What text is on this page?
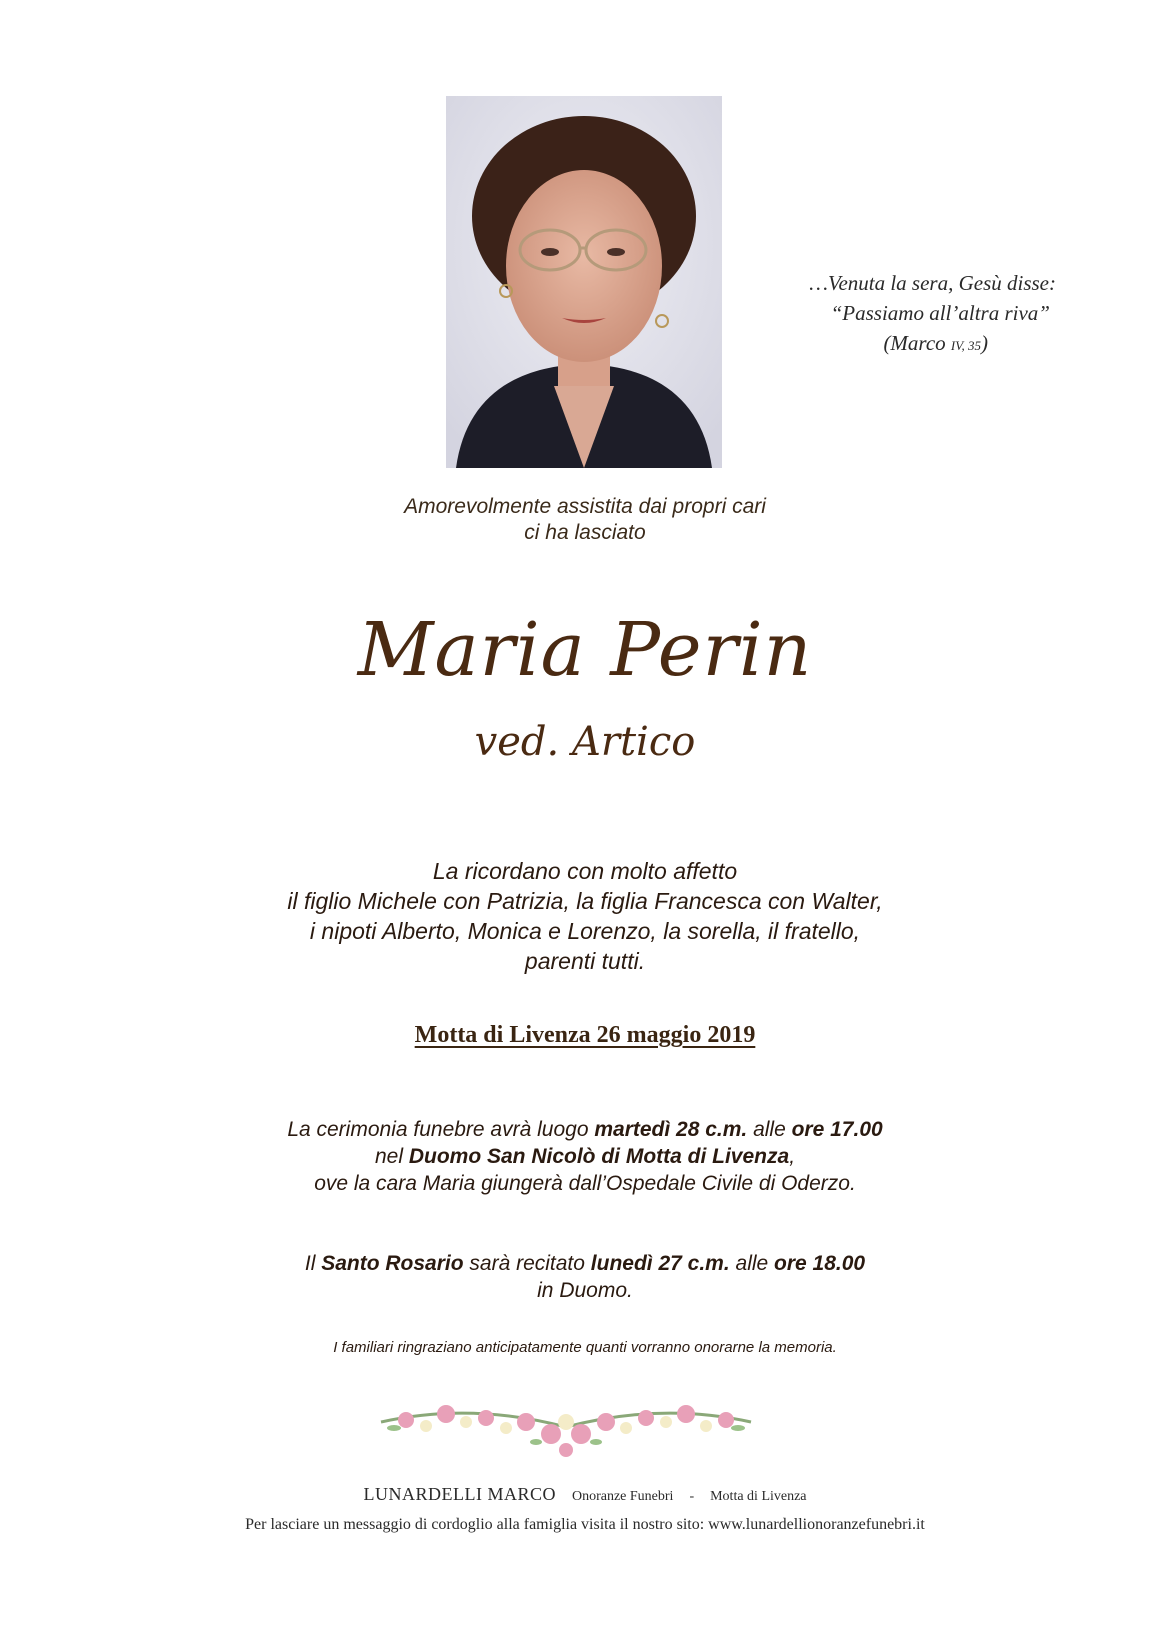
…Venuta la sera, Gesù disse:
“Passiamo all’altra riva”
(Marco IV, 35)
Amorevolmente assistita dai propri cari
ci ha lasciato
Maria Perin
ved. Artico
La ricordano con molto affetto
il figlio Michele con Patrizia, la figlia Francesca con Walter,
i nipoti Alberto, Monica e Lorenzo, la sorella, il fratello,
parenti tutti.
Motta di Livenza 26 maggio 2019
La cerimonia funebre avrà luogo martedì 28 c.m. alle ore 17.00
nel Duomo San Nicolò di Motta di Livenza,
ove la cara Maria giungerà dall’Ospedale Civile di Oderzo.
Il Santo Rosario sarà recitato lunedì 27 c.m. alle ore 18.00
in Duomo.
I familiari ringraziano anticipatamente quanti vorranno onorarne la memoria.
LUNARDELLI MARCO Onoranze Funebri - Motta di Livenza
Per lasciare un messaggio di cordoglio alla famiglia visita il nostro sito: www.lunardellionoranzefunebri.it
